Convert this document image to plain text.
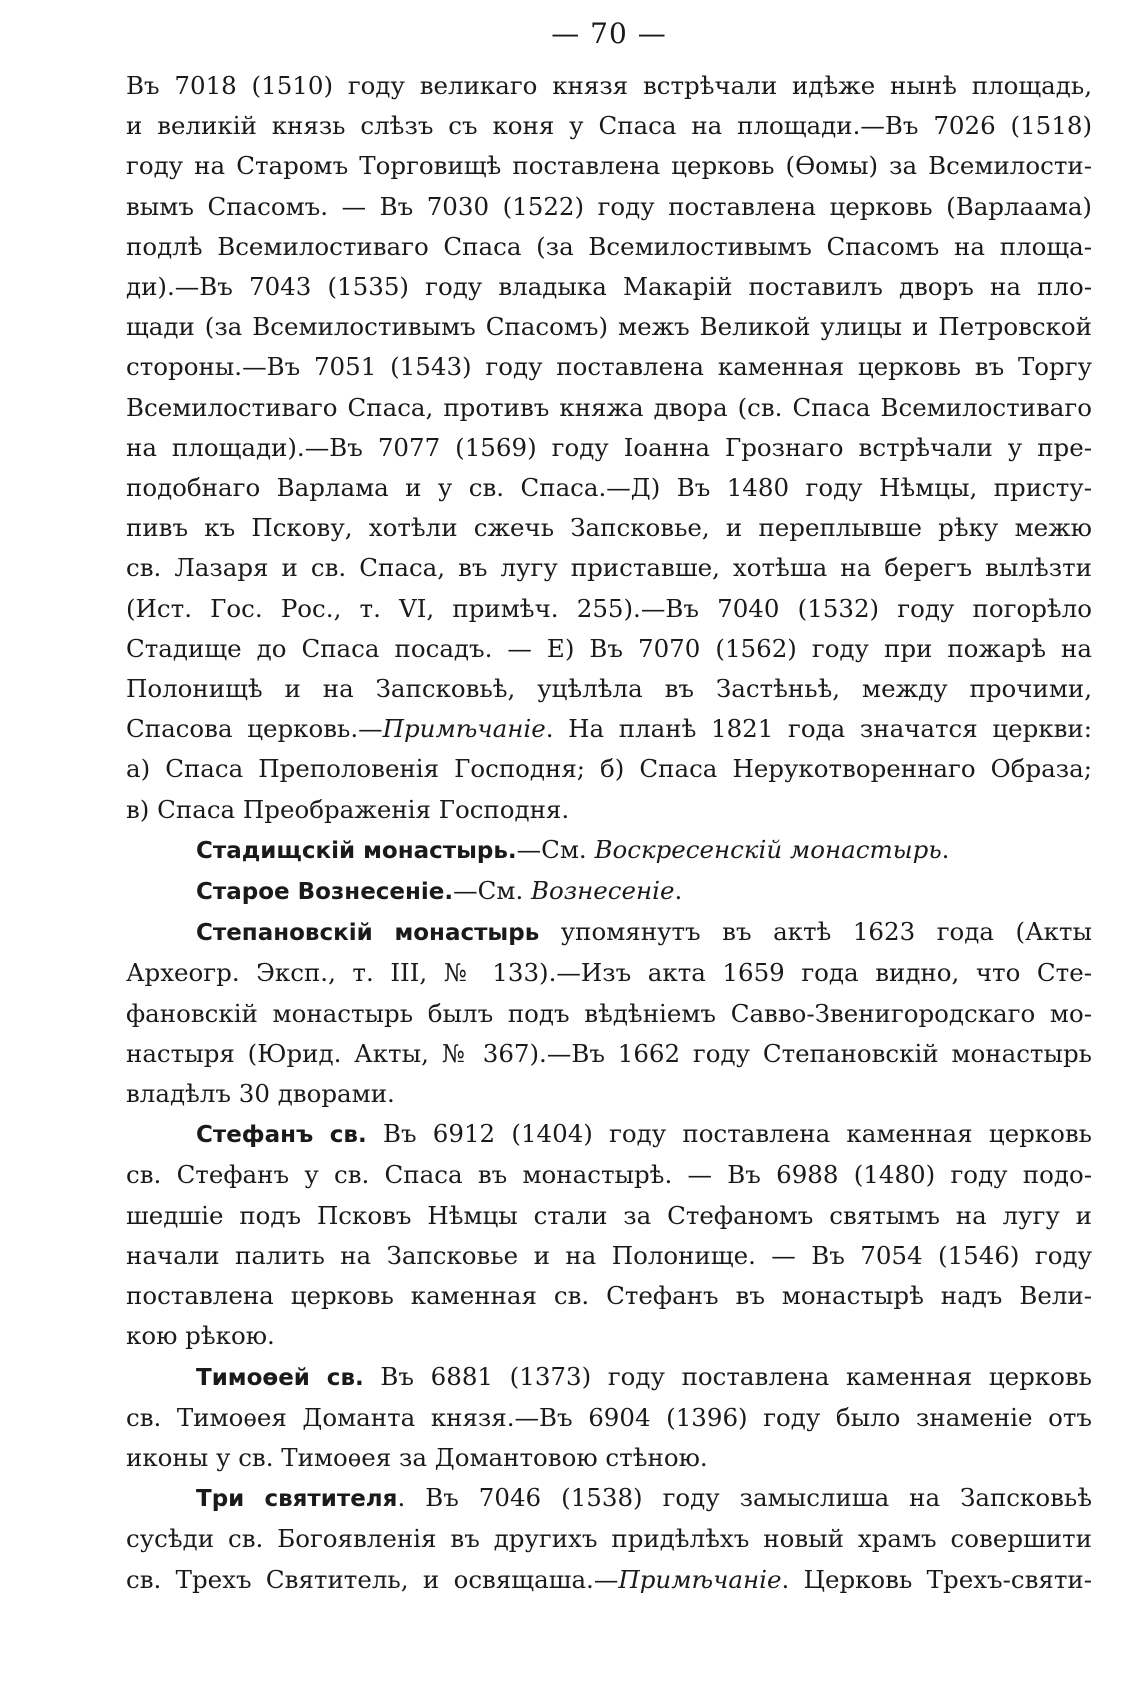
— 70 —
Въ 7018 (1510) году великаго князя встрѣчали идѣже нынѣ площадь,
и великій князь слѣзъ съ коня у Спаса на площади.—Въ 7026 (1518)
году на Старомъ Торговищѣ поставлена церковь (Ѳомы) за Всемилости-
вымъ Спасомъ. — Въ 7030 (1522) году поставлена церковь (Варлаама)
подлѣ Всемилостиваго Спаса (за Всемилостивымъ Спасомъ на площа-
ди).—Въ 7043 (1535) году владыка Макарій поставилъ дворъ на пло-
щади (за Всемилостивымъ Спасомъ) межъ Великой улицы и Петровской
стороны.—Въ 7051 (1543) году поставлена каменная церковь въ Торгу
Всемилостиваго Спаса, противъ княжа двора (св. Спаса Всемилостиваго
на площади).—Въ 7077 (1569) году Іоанна Грознаго встрѣчали у пре-
подобнаго Варлама и у св. Спаса.—Д) Въ 1480 году Нѣмцы, присту-
пивъ къ Пскову, хотѣли сжечь Запсковье, и переплывше рѣку межю
св. Лазаря и св. Спаса, въ лугу приставше, хотѣша на берегъ вылѣзти
(Ист. Гос. Рос., т. VI, примѣч. 255).—Въ 7040 (1532) году погорѣло
Стадище до Спаса посадъ. — Е) Въ 7070 (1562) году при пожарѣ на
Полонищѣ и на Запсковьѣ, уцѣлѣла въ Застѣньѣ, между прочими,
Спасова церковь.—Примѣчаніе. На планѣ 1821 года значатся церкви:
а) Спаса Преполовенія Господня; б) Спаса Нерукотвореннаго Образа;
в) Спаса Преображенія Господня.
Стадищскій монастырь.—См. Воскресенскій монастырь.
Старое Вознесеніе.—См. Вознесеніе.
Степановскій монастырь упомянутъ въ актѣ 1623 года (Акты
Археогр. Эксп., т. III, № 133).—Изъ акта 1659 года видно, что Сте-
фановскій монастырь былъ подъ вѣдѣніемъ Савво-Звенигородскаго мо-
настыря (Юрид. Акты, № 367).—Въ 1662 году Степановскій монастырь
владѣлъ 30 дворами.
Стефанъ св. Въ 6912 (1404) году поставлена каменная церковь
св. Стефанъ у св. Спаса въ монастырѣ. — Въ 6988 (1480) году подо-
шедшіе подъ Псковъ Нѣмцы стали за Стефаномъ святымъ на лугу и
начали палить на Запсковье и на Полонище. — Въ 7054 (1546) году
поставлена церковь каменная св. Стефанъ въ монастырѣ надъ Вели-
кою рѣкою.
Тимоѳей св. Въ 6881 (1373) году поставлена каменная церковь
св. Тимоѳея Доманта князя.—Въ 6904 (1396) году было знаменіе отъ
иконы у св. Тимоѳея за Домантовою стѣною.
Три святителя. Въ 7046 (1538) году замыслиша на Запсковьѣ
сусѣди св. Богоявленія въ другихъ придѣлѣхъ новый храмъ совершити
св. Трехъ Святитель, и освящаша.—Примѣчаніе. Церковь Трехъ-святи-
